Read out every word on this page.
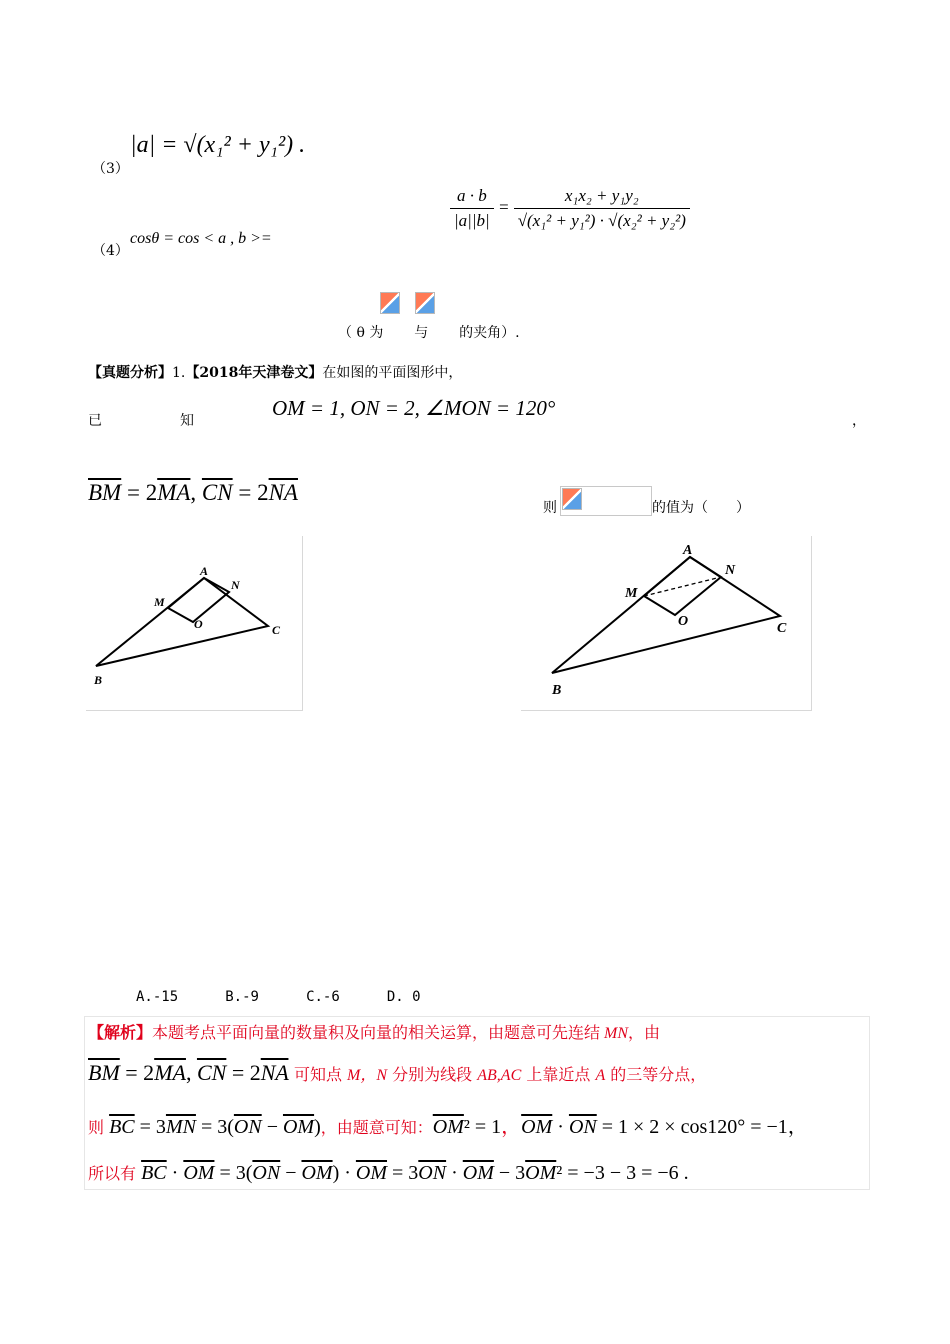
（3）
|a| = √(x₁² + y₁²) .
（4）
cosθ = cos < a , b >=
$\frac{a \cdot b}{|a||b|} = \frac{\text{x₁x₂ + y₁y₂}}{\text{√(x₁² + y₁²) · √(x₂² + y₂²)}}$
（ θ 为 与 的夹角）.
【真题分析】1.【2018年天津卷文】在如图的平面图形中，
已	知
OM = 1, ON = 2, ∠MON = 120°
，
$\overline{BM} = 2\overline{MA}$, $\overline{CN} = 2\overline{NA}$
则	的值为（　　）
A
M
N
O
B
C
A
M
N
O
B
C
A.-15	B.-9	C.-6	D. 0
【解析】本题考点平面向量的数量积及向量的相关运算，由题意可先连结 MN，由
$\overline{BM} = 2\overline{MA}$, $\overline{CN} = 2\overline{NA}$ 可知点 M，N 分别为线段 AB,AC 上靠近点 A 的三等分点，
则 $\overline{BC} = 3\overline{MN} = 3(\overline{ON} - \overline{OM})$，由题意可知：$\overline{OM}^2 = 1$，$\overline{OM} \cdot \overline{ON} = 1 \times 2 \times \cos 120^\circ = -1$，
所以有 $\overline{BC} \cdot \overline{OM} = 3(\overline{ON} - \overline{OM}) \cdot \overline{OM} = 3\overline{ON} \cdot \overline{OM} - 3\overline{OM}^2 = -3 - 3 = -6$ .
